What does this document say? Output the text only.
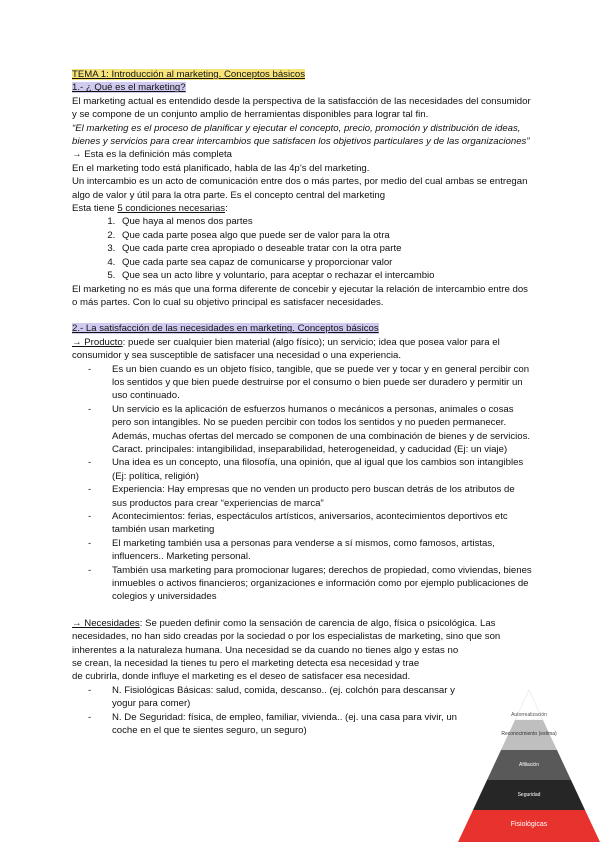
TEMA 1: Introducción al marketing. Conceptos básicos

1.- ¿ Qué es el marketing?

El marketing actual es entendido desde la perspectiva de la satisfacción de las necesidades del consumidor y se compone de un conjunto amplio de herramientas disponibles para lograr tal fin.

“El marketing es el proceso de planificar y ejecutar el concepto, precio, promoción y distribución de ideas, bienes y servicios para crear intercambios que satisfacen los objetivos particulares y de las organizaciones” → Esta es la definición más completa

En el marketing todo está planificado, habla de las 4p’s del marketing.

Un intercambio es un acto de comunicación entre dos o más partes, por medio del cual ambas se entregan algo de valor y útil para la otra parte. Es el concepto central del marketing

Esta tiene 5 condiciones necesarias:

1. Que haya al menos dos partes
2. Que cada parte posea algo que puede ser de valor para la otra
3. Que cada parte crea apropiado o deseable tratar con la otra parte
4. Que cada parte sea capaz de comunicarse y proporcionar valor
5. Que sea un acto libre y voluntario, para aceptar o rechazar el intercambio

El marketing no es más que una forma diferente de concebir y ejecutar la relación de intercambio entre dos o más partes. Con lo cual su objetivo principal es satisfacer necesidades.

2.- La satisfacción de las necesidades en marketing. Conceptos básicos

→ Producto: puede ser cualquier bien material (algo físico); un servicio; idea que posea valor para el consumidor y sea susceptible de satisfacer una necesidad o una experiencia.

- Es un bien cuando es un objeto físico, tangible, que se puede ver y tocar y en general percibir con los sentidos y que bien puede destruirse por el consumo o bien puede ser duradero y permitir un uso continuado.
- Un servicio es la aplicación de esfuerzos humanos o mecánicos a personas, animales o cosas pero son intangibles. No se pueden percibir con todos los sentidos y no pueden permanecer. Además, muchas ofertas del mercado se componen de una combinación de bienes y de servicios. Caract. principales: intangibilidad, inseparabilidad, heterogeneidad, y caducidad (Ej: un viaje)
- Una idea es un concepto, una filosofía, una opinión, que al igual que los cambios son intangibles (Ej: política, religión)
- Experiencia: Hay empresas que no venden un producto pero buscan detrás de los atributos de sus productos para crear “experiencias de marca”
- Acontecimientos: ferias, espectáculos artísticos, aniversarios, acontecimientos deportivos etc también usan marketing
- El marketing también usa a personas para venderse a sí mismos, como famosos, artistas, influencers.. Marketing personal.
- También usa marketing para promocionar lugares; derechos de propiedad, como viviendas, bienes inmuebles o activos financieros; organizaciones e información como por ejemplo publicaciones de colegios y universidades

→ Necesidades: Se pueden definir como la sensación de carencia de algo, física o psicológica. Las necesidades, no han sido creadas por la sociedad o por los especialistas de marketing, sino que son inherentes a la naturaleza humana. Una necesidad se da cuando no tienes algo y estas no

se crean, la necesidad la tienes tu pero el marketing detecta esa necesidad y trae de cubrirla, donde influye el marketing es el deseo de satisfacer esa necesidad.

- N. Fisiológicas Básicas: salud, comida, descanso.. (ej. colchón para descansar y yogur para comer)
- N. De Seguridad: física, de empleo, familiar, vivienda.. (ej. una casa para vivir, un coche en el que te sientes seguro, un seguro)
Autorrealización
Reconocimiento (estima)
Afiliación
Seguridad
Fisiológicas
